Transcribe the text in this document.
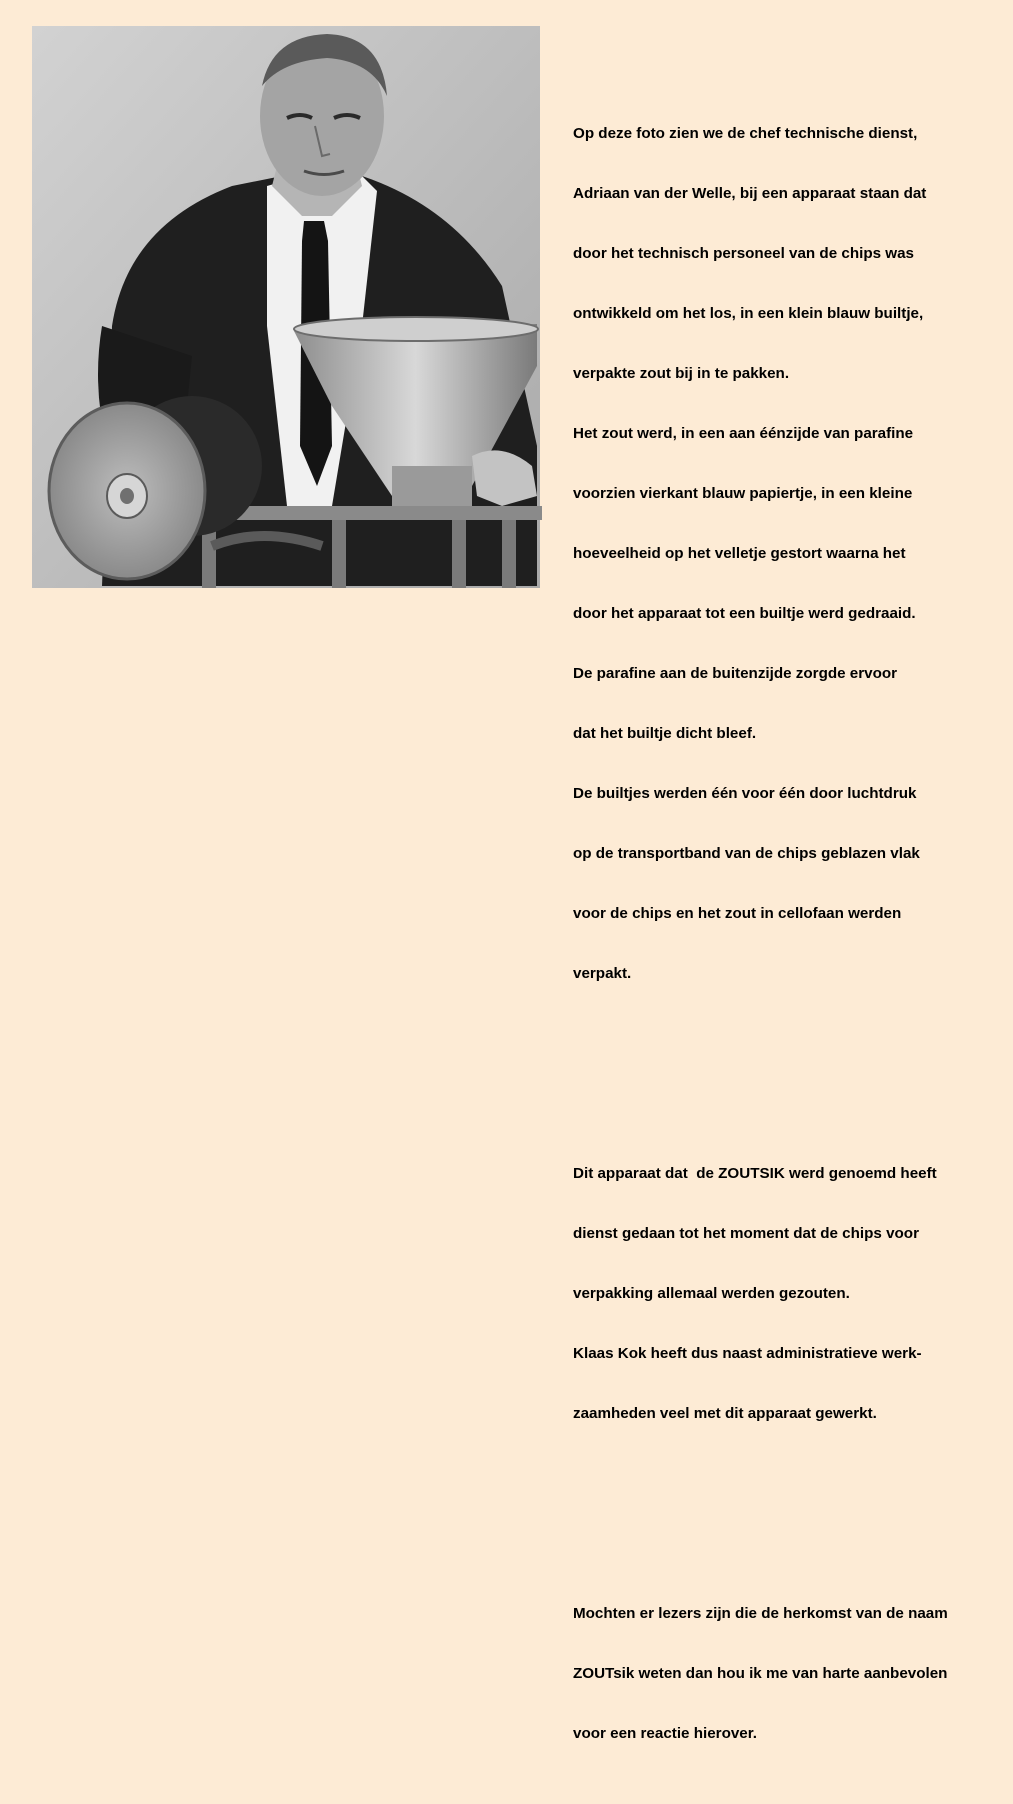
Op deze foto zien we de chef technische dienst,

Adriaan van der Welle, bij een apparaat staan dat

door het technisch personeel van de chips was

ontwikkeld om het los, in een klein blauw builtje,

verpakte zout bij in te pakken.

Het zout werd, in een aan éénzijde van parafine

voorzien vierkant blauw papiertje, in een kleine

hoeveelheid op het velletje gestort waarna het

door het apparaat tot een builtje werd gedraaid.

De parafine aan de buitenzijde zorgde ervoor

dat het builtje dicht bleef.

De builtjes werden één voor één door luchtdruk

op de transportband van de chips geblazen vlak

voor de chips en het zout in cellofaan werden

verpakt.

Dit apparaat dat  de ZOUTSIK werd genoemd heeft

dienst gedaan tot het moment dat de chips voor

verpakking allemaal werden gezouten.

Klaas Kok heeft dus naast administratieve werk-

zaamheden veel met dit apparaat gewerkt.

Mochten er lezers zijn die de herkomst van de naam

ZOUTsik weten dan hou ik me van harte aanbevolen

voor een reactie hierover.
